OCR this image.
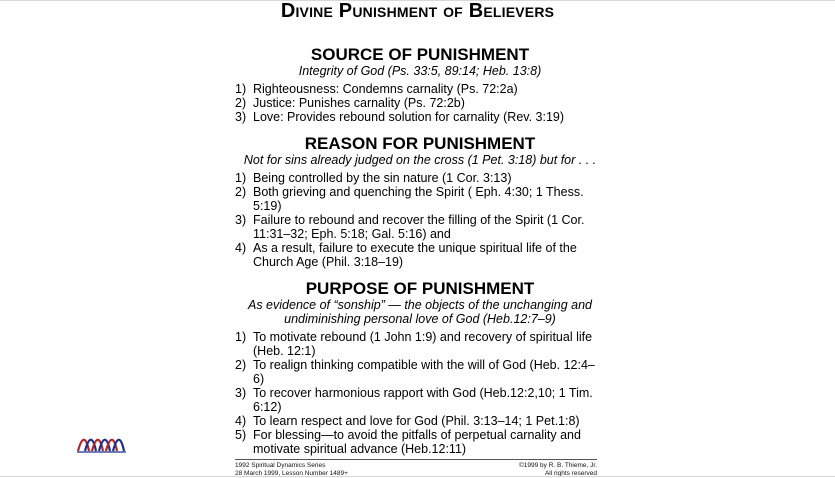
Divine Punishment of Believers
SOURCE OF PUNISHMENT
Integrity of God (Ps. 33:5, 89:14; Heb. 13:8)
1) Righteousness: Condemns carnality (Ps. 72:2a)
2) Justice: Punishes carnality (Ps. 72:2b)
3) Love: Provides rebound solution for carnality (Rev. 3:19)
REASON FOR PUNISHMENT
Not for sins already judged on the cross (1 Pet. 3:18) but for . . .
1) Being controlled by the sin nature (1 Cor. 3:13)
2) Both grieving and quenching the Spirit ( Eph. 4:30; 1 Thess. 5:19)
3) Failure to rebound and recover the filling of the Spirit (1 Cor. 11:31–32; Eph. 5:18; Gal. 5:16) and
4) As a result, failure to execute the unique spiritual life of the Church Age (Phil. 3:18–19)
PURPOSE OF PUNISHMENT
As evidence of “sonship” — the objects of the unchanging and undiminishing personal love of God (Heb.12:7–9)
1) To motivate rebound (1 John 1:9) and recovery of spiritual life (Heb. 12:1)
2) To realign thinking compatible with the will of God (Heb. 12:4–6)
3) To recover harmonious rapport with God (Heb.12:2,10; 1 Tim. 6:12)
4) To learn respect and love for God (Phil. 3:13–14; 1 Pet.1:8)
5) For blessing—to avoid the pitfalls of perpetual carnality and motivate spiritual advance (Heb.12:11)
1992 Spiritual Dynamics Series
28 March 1999, Lesson Number 1489+
©1999 by R. B. Thieme, Jr.
All rights reserved
